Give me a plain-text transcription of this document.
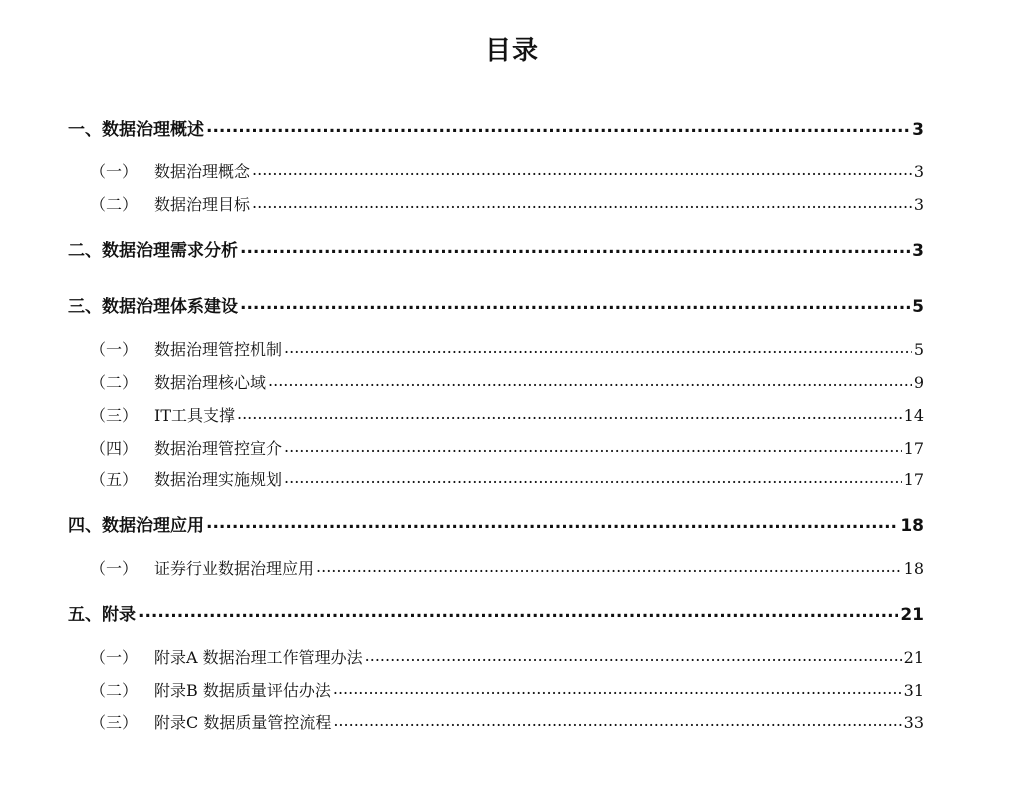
目录
一、 数据治理概述 .....	3
（一） 数据治理概念 .....	3
（二） 数据治理目标 .....	3
二、 数据治理需求分析 .....	3
三、 数据治理体系建设 .....	5
（一） 数据治理管控机制 .....	5
（二） 数据治理核心域 .....	9
（三） IT工具支撑 .....	14
（四） 数据治理管控宣介 .....	17
（五） 数据治理实施规划 .....	17
四、 数据治理应用 .....	18
（一） 证券行业数据治理应用 .....	18
五、 附录 .....	21
（一） 附录A 数据治理工作管理办法 .....	21
（二） 附录B 数据质量评估办法 .....	31
（三） 附录C 数据质量管控流程 .....	33
